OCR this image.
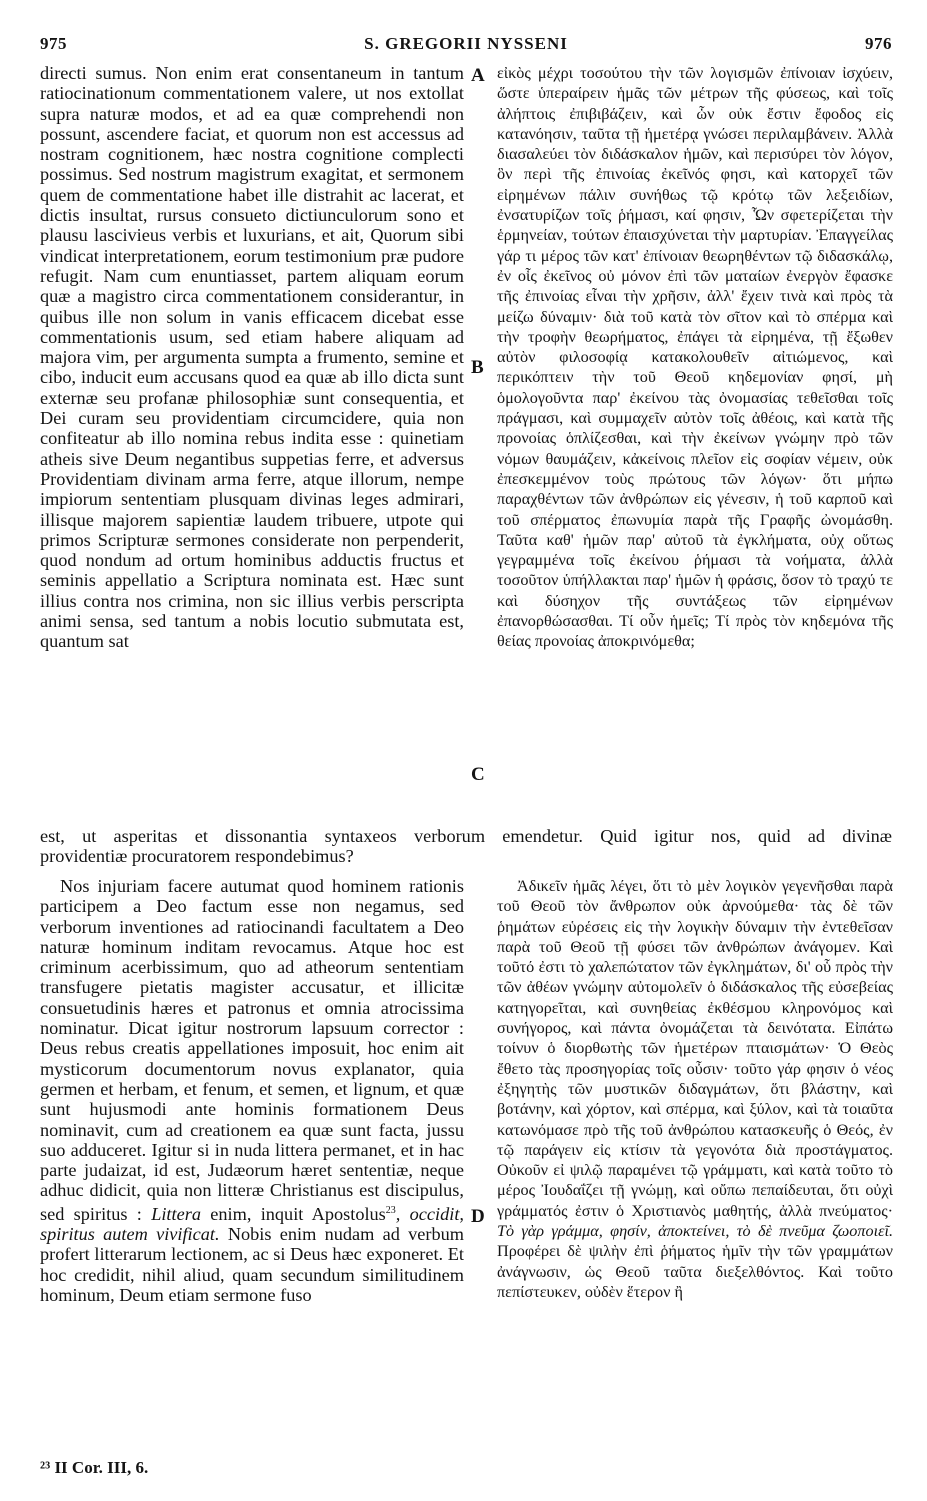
975	S. GREGORII NYSSENI	976

directi sumus. Non enim erat consentaneum in tantum ratiocinationum commentationem valere, ut nos extollat supra naturæ modos, et ad ea quæ comprehendi non possunt, ascendere faciat, et quorum non est accessus ad nostram cognitionem, hæc nostra cognitione complecti possimus. Sed nostrum magistrum exagitat, et sermonem quem de commentatione habet ille distrahit ac lacerat, et dictis insultat, rursus consueto dictiunculorum sono et plausu lascivieus verbis et luxurians, et ait, Quorum sibi vindicat interpretationem, eorum testimonium præ pudore refugit. Nam cum enuntiasset, partem aliquam eorum quæ a magistro circa commentationem considerantur, in quibus ille non solum in vanis efficacem dicebat esse commentationis usum, sed etiam habere aliquam ad majora vim, per argumenta sumpta a frumento, semine et cibo, inducit eum accusans quod ea quæ ab illo dicta sunt externæ seu profanæ philosophiæ sunt consequentia, et Dei curam seu providentiam circumcidere, quia non confiteatur ab illo nomina rebus indita esse : quinetiam atheis sive Deum negantibus suppetias ferre, et adversus Providentiam divinam arma ferre, atque illorum, nempe impiorum sententiam plusquam divinas leges admirari, illisque majorem sapientiæ laudem tribuere, utpote qui primos Scripturæ sermones considerate non perpenderit, quod nondum ad ortum hominibus adductis fructus et seminis appellatio a Scriptura nominata est. Hæc sunt illius contra nos crimina, non sic illius verbis perscripta animi sensa, sed tantum a nobis locutio submutata est, quantum sat

εἰκὸς μέχρι τοσούτου τὴν τῶν λογισμῶν ἐπίνοιαν ἰσχύειν, ὥστε ὑπεραίρειν ἡμᾶς τῶν μέτρων τῆς φύσεως, καὶ τοῖς ἀλήπτοις ἐπιβιβάζειν, καὶ ὧν οὐκ ἔστιν ἔφοδος εἰς κατανόησιν, ταῦτα τῇ ἡμετέρᾳ γνώσει περιλαμβάνειν. Ἀλλὰ διασαλεύει τὸν διδάσκαλον ἡμῶν, καὶ περισύρει τὸν λόγον, ὃν περὶ τῆς ἐπινοίας ἐκεῖνός φησι, καὶ κατορχεῖ τῶν εἰρημένων πάλιν συνήθως τῷ κρότῳ τῶν λεξειδίων, ἐνσατυρίζων τοῖς ῥήμασι, καί φησιν, Ὧν σφετερίζεται τὴν ἑρμηνείαν, τούτων ἐπαισχύνεται τὴν μαρτυρίαν. Ἐπαγγείλας γάρ τι μέρος τῶν κατ' ἐπίνοιαν θεωρηθέντων τῷ διδασκάλῳ, ἐν οἷς ἐκεῖνος οὐ μόνον ἐπὶ τῶν ματαίων ἐνεργὸν ἔφασκε τῆς ἐπινοίας εἶναι τὴν χρῆσιν, ἀλλ' ἔχειν τινὰ καὶ πρὸς τὰ μείζω δύναμιν· διὰ τοῦ κατὰ τὸν σῖτον καὶ τὸ σπέρμα καὶ τὴν τροφὴν θεωρήματος, ἐπάγει τὰ εἰρημένα, τῇ ἔξωθεν αὐτὸν φιλοσοφίᾳ κατακολουθεῖν αἰτιώμενος, καὶ περικόπτειν τὴν τοῦ Θεοῦ κηδεμονίαν φησί, μὴ ὁμολογοῦντα παρ' ἐκείνου τὰς ὀνομασίας τεθεῖσθαι τοῖς πράγμασι, καὶ συμμαχεῖν αὐτὸν τοῖς ἀθέοις, καὶ κατὰ τῆς προνοίας ὁπλίζεσθαι, καὶ τὴν ἐκείνων γνώμην πρὸ τῶν νόμων θαυμάζειν, κἀκείνοις πλεῖον εἰς σοφίαν νέμειν, οὐκ ἐπεσκεμμένον τοὺς πρώτους τῶν λόγων· ὅτι μήπω παραχθέντων τῶν ἀνθρώπων εἰς γένεσιν, ἡ τοῦ καρποῦ καὶ τοῦ σπέρματος ἐπωνυμία παρὰ τῆς Γραφῆς ὠνομάσθη. Ταῦτα καθ' ἡμῶν παρ' αὐτοῦ τὰ ἐγκλήματα, οὐχ οὕτως γεγραμμένα τοῖς ἐκείνου ῥήμασι τὰ νοήματα, ἀλλὰ τοσοῦτον ὑπήλλακται παρ' ἡμῶν ἡ φράσις, ὅσον τὸ τραχύ τε καὶ δύσηχον τῆς συντάξεως τῶν εἰρημένων ἐπανορθώσασθαι. Τί οὖν ἡμεῖς; Τί πρὸς τὸν κηδεμόνα τῆς θείας προνοίας ἀποκρινόμεθα;

est, ut asperitas et dissonantia syntaxeos verborum emendetur. Quid igitur nos, quid ad divinæ
providentiæ procuratorem respondebimus?

Nos injuriam facere autumat quod hominem rationis participem a Deo factum esse non negamus, sed verborum inventiones ad ratiocinandi facultatem a Deo naturæ hominum inditam revocamus. Atque hoc est criminum acerbissimum, quo ad atheorum sententiam transfugere pietatis magister accusatur, et illicitæ consuetudinis hæres et patronus et omnia atrocissima nominatur. Dicat igitur nostrorum lapsuum corrector : Deus rebus creatis appellationes imposuit, hoc enim ait mysticorum documentorum novus explanator, quia germen et herbam, et fenum, et semen, et lignum, et quæ sunt hujusmodi ante hominis formationem Deus nominavit, cum ad creationem ea quæ sunt facta, jussu suo adduceret. Igitur si in nuda littera permanet, et in hac parte judaizat, id est, Judæorum hæret sententiæ, neque adhuc didicit, quia non litteræ Christianus est discipulus, sed spiritus : Littera enim, inquit Apostolus$^{23}$, occidit, spiritus autem vivificat. Nobis enim nudam ad verbum profert litterarum lectionem, ac si Deus hæc exponeret. Et hoc credidit, nihil aliud, quam secundum similitudinem hominum, Deum etiam sermone fuso

Ἀδικεῖν ἡμᾶς λέγει, ὅτι τὸ μὲν λογικὸν γεγενῆσθαι παρὰ τοῦ Θεοῦ τὸν ἄνθρωπον οὐκ ἀρνούμεθα· τὰς δὲ τῶν ῥημάτων εὑρέσεις εἰς τὴν λογικὴν δύναμιν τὴν ἐντεθεῖσαν παρὰ τοῦ Θεοῦ τῇ φύσει τῶν ἀνθρώπων ἀνάγομεν. Καὶ τοῦτό ἐστι τὸ χαλεπώτατον τῶν ἐγκλημάτων, δι' οὗ πρὸς τὴν τῶν ἀθέων γνώμην αὐτομολεῖν ὁ διδάσκαλος τῆς εὐσεβείας κατηγορεῖται, καὶ συνηθείας ἐκθέσμου κληρονόμος καὶ συνήγορος, καὶ πάντα ὀνομάζεται τὰ δεινότατα. Εἰπάτω τοίνυν ὁ διορθωτὴς τῶν ἡμετέρων πταισμάτων· Ὁ Θεὸς ἔθετο τὰς προσηγορίας τοῖς οὖσιν· τοῦτο γάρ φησιν ὁ νέος ἐξηγητὴς τῶν μυστικῶν διδαγμάτων, ὅτι βλάστην, καὶ βοτάνην, καὶ χόρτον, καὶ σπέρμα, καὶ ξύλον, καὶ τὰ τοιαῦτα κατωνόμασε πρὸ τῆς τοῦ ἀνθρώπου κατασκευῆς ὁ Θεός, ἐν τῷ παράγειν εἰς κτίσιν τὰ γεγονότα διὰ προστάγματος. Οὐκοῦν εἰ ψιλῷ παραμένει τῷ γράμματι, καὶ κατὰ τοῦτο τὸ μέρος Ἰουδαΐζει τῇ γνώμῃ, καὶ οὔπω πεπαίδευται, ὅτι οὐχὶ γράμματός ἐστιν ὁ Χριστιανὸς μαθητής, ἀλλὰ πνεύματος· Τὸ γὰρ γράμμα, φησίν, ἀποκτείνει, τὸ δὲ πνεῦμα ζωοποιεῖ. Προφέρει δὲ ψιλὴν ἐπὶ ῥήματος ἡμῖν τὴν τῶν γραμμάτων ἀνάγνωσιν, ὡς Θεοῦ ταῦτα διεξελθόντος. Καὶ τοῦτο πεπίστευκεν, οὐδὲν ἕτερον ἢ

A
B
C
D
²³ II Cor. III, 6.
